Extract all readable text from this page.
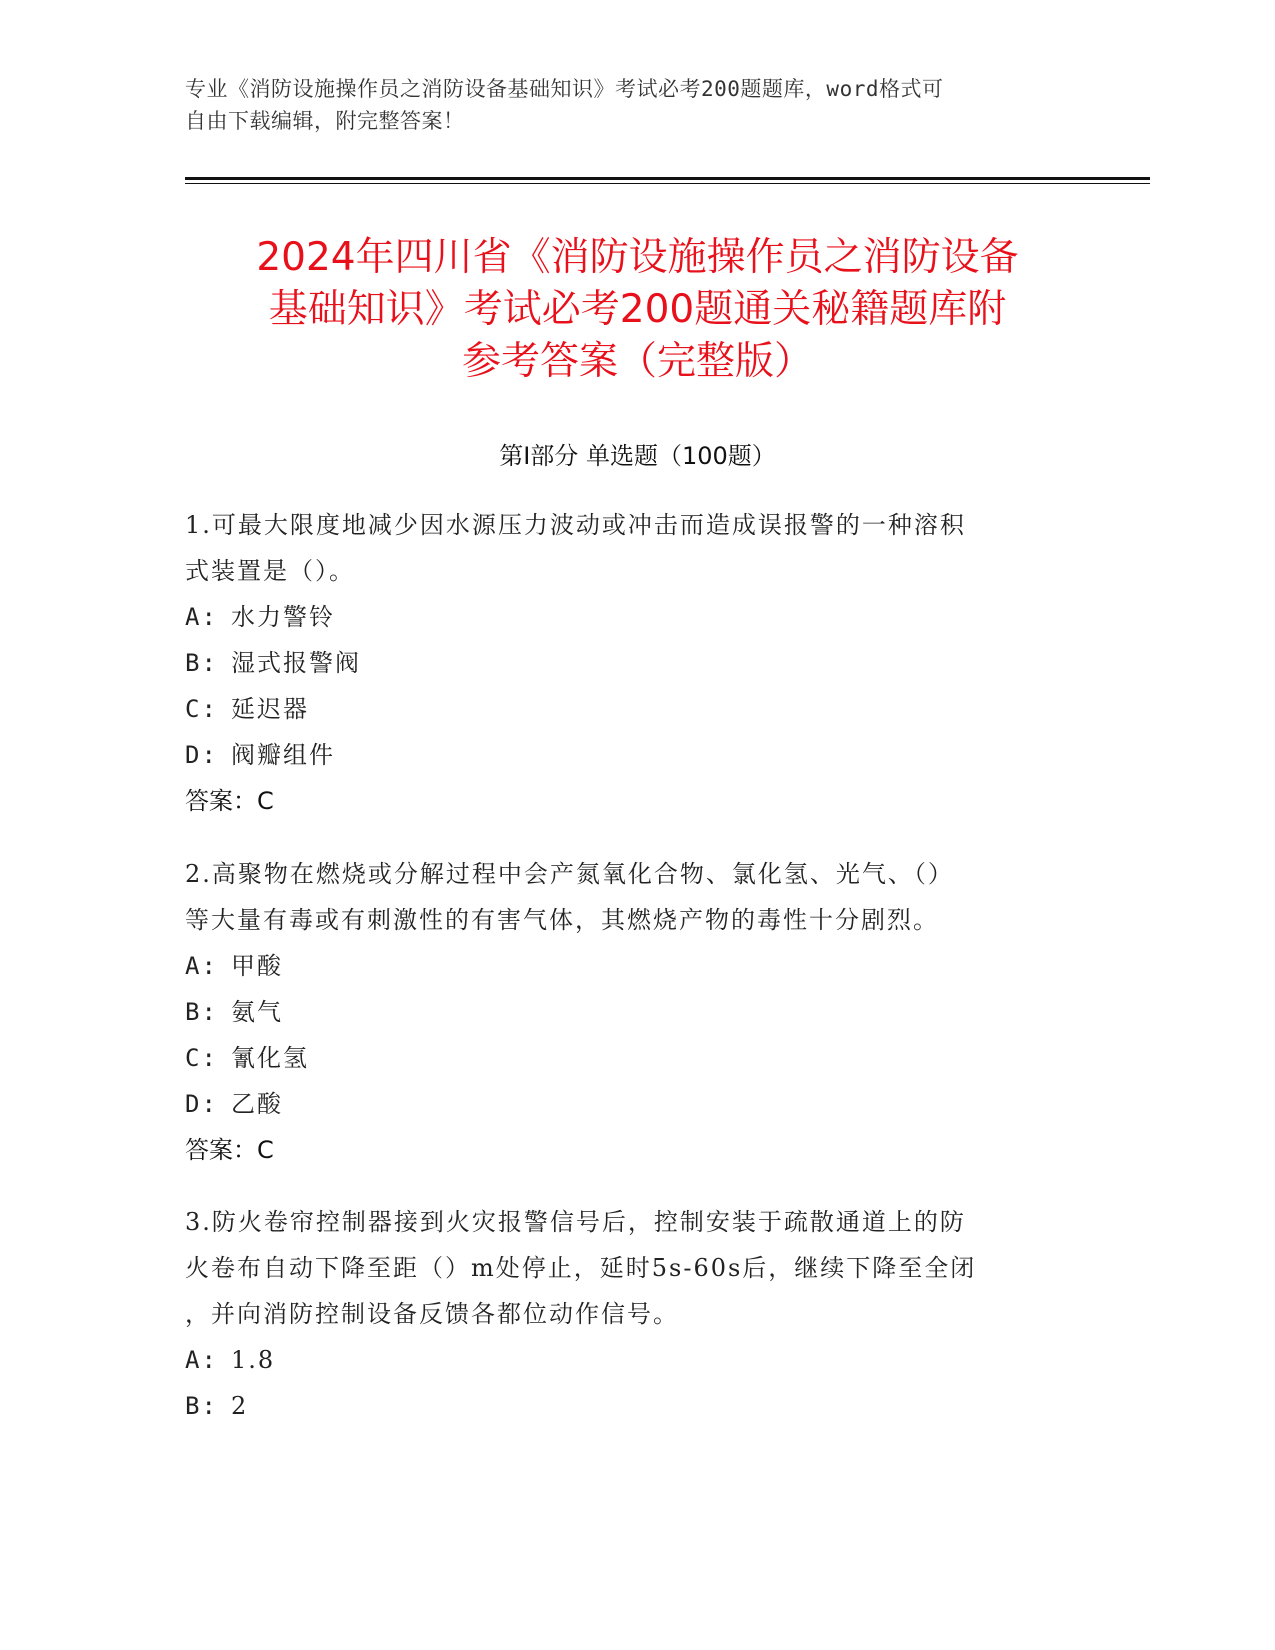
专业《消防设施操作员之消防设备基础知识》考试必考200题题库，word格式可
自由下载编辑，附完整答案！
2024年四川省《消防设施操作员之消防设备
基础知识》考试必考200题通关秘籍题库附
参考答案（完整版）
第Ⅰ部分 单选题（100题）
1.可最大限度地减少因水源压力波动或冲击而造成误报警的一种溶积
式装置是（）。
A: 水力警铃
B: 湿式报警阀
C: 延迟器
D: 阀瓣组件
答案：C
2.高聚物在燃烧或分解过程中会产氮氧化合物、氯化氢、光气、（）
等大量有毒或有刺激性的有害气体，其燃烧产物的毒性十分剧烈。
A: 甲酸
B: 氨气
C: 氰化氢
D: 乙酸
答案：C
3.防火卷帘控制器接到火灾报警信号后，控制安装于疏散通道上的防
火卷布自动下降至距（）m处停止，延时5s-60s后，继续下降至全闭
，并向消防控制设备反馈各都位动作信号。
A: 1.8
B: 2
